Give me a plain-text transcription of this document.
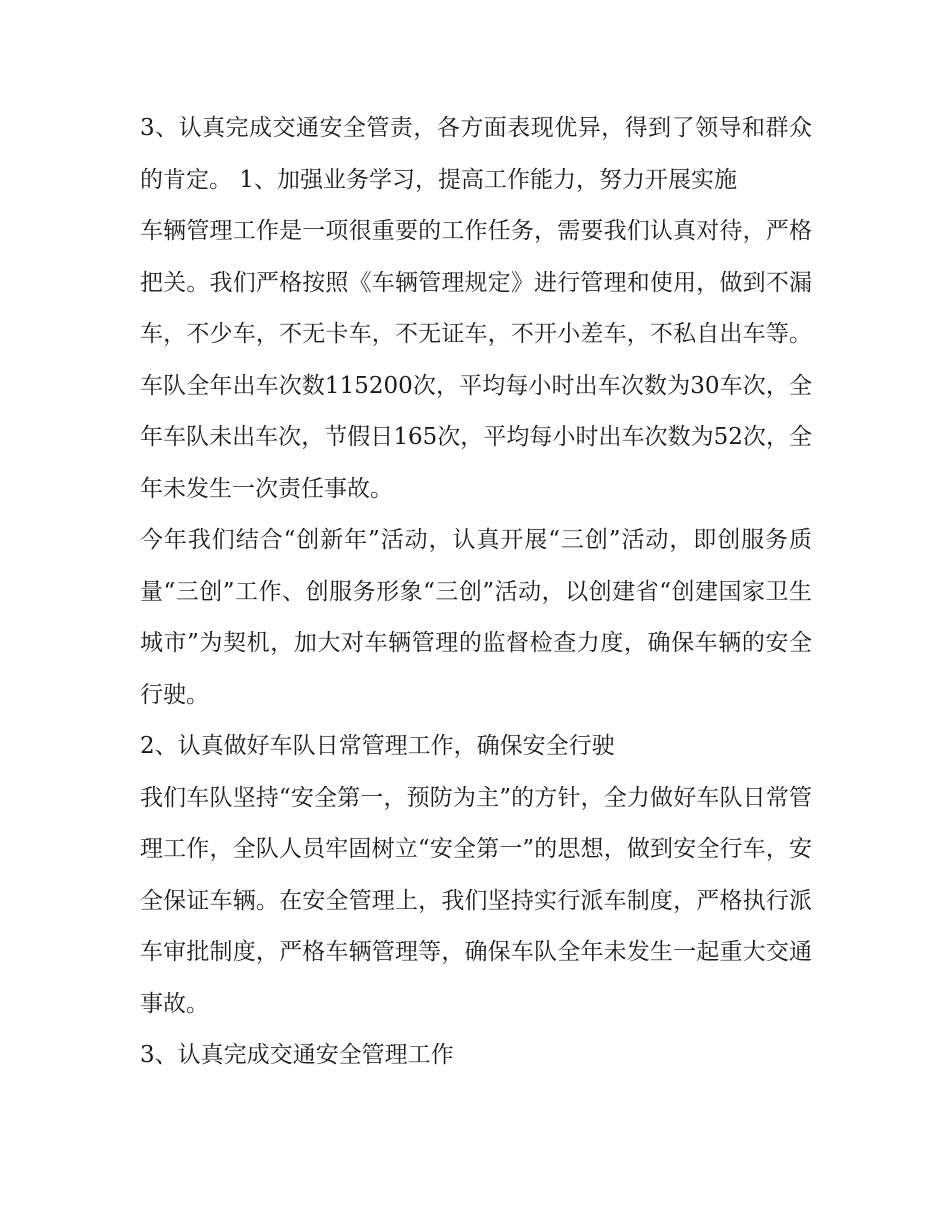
3、认真完成交通安全管责，各方面表现优异，得到了领导和群众的肯定。 1、加强业务学习，提高工作能力，努力开展实施

车辆管理工作是一项很重要的工作任务，需要我们认真对待，严格把关。我们严格按照《车辆管理规定》进行管理和使用，做到不漏车，不少车，不无卡车，不无证车，不开小差车，不私自出车等。车队全年出车次数115200次，平均每小时出车次数为30车次，全年车队未出车次，节假日165次，平均每小时出车次数为52次，全年未发生一次责任事故。

今年我们结合“创新年”活动，认真开展“三创”活动，即创服务质量“三创”工作、创服务形象“三创”活动，以创建省“创建国家卫生城市”为契机，加大对车辆管理的监督检查力度，确保车辆的安全行驶。

2、认真做好车队日常管理工作，确保安全行驶

我们车队坚持“安全第一，预防为主”的方针，全力做好车队日常管理工作，全队人员牢固树立“安全第一”的思想，做到安全行车，安全保证车辆。在安全管理上，我们坚持实行派车制度，严格执行派车审批制度，严格车辆管理等，确保车队全年未发生一起重大交通事故。

3、认真完成交通安全管理工作
